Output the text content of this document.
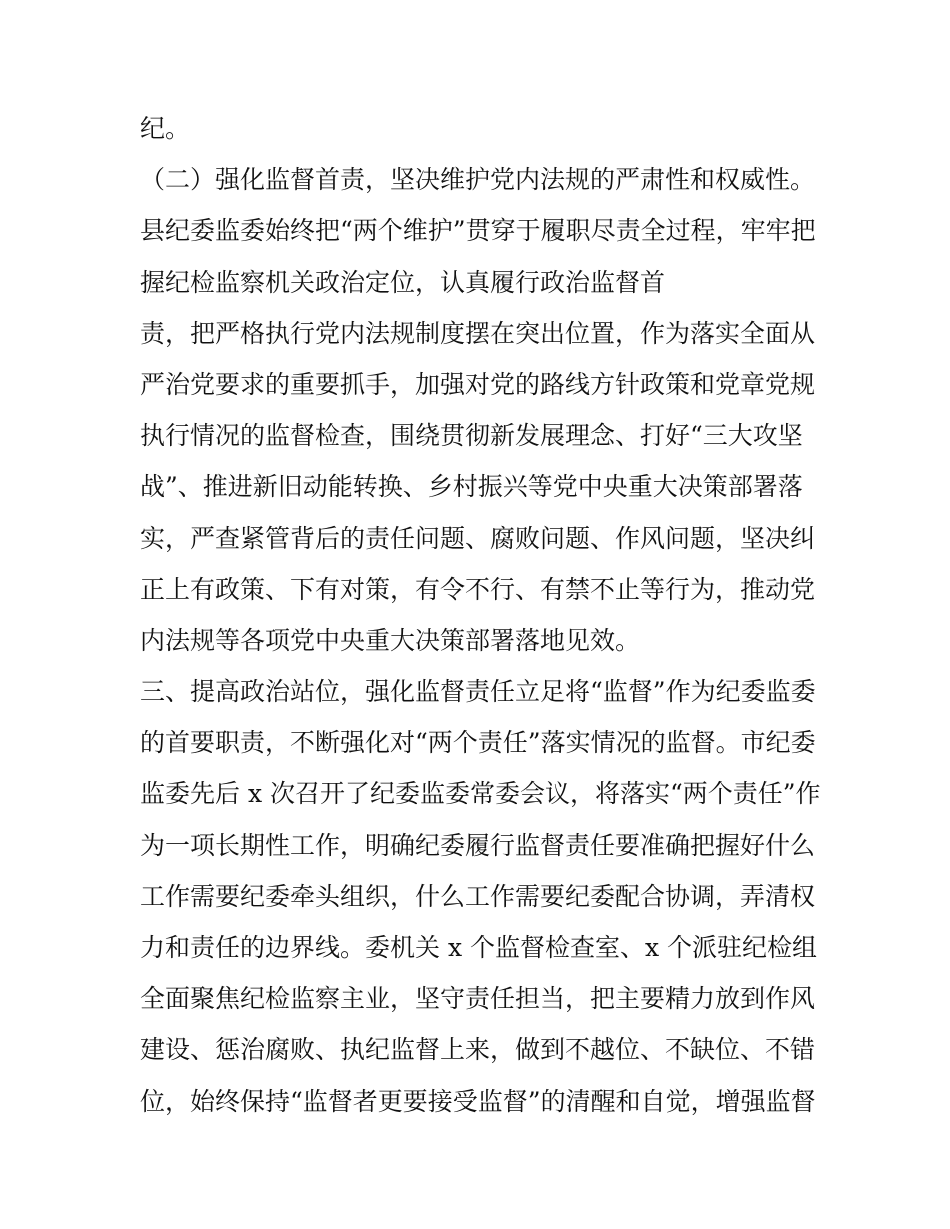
纪。
（二）强化监督首责，坚决维护党内法规的严肃性和权威性。
县纪委监委始终把“两个维护”贯穿于履职尽责全过程，牢牢把
握纪检监察机关政治定位，认真履行政治监督首
责，把严格执行党内法规制度摆在突出位置，作为落实全面从
严治党要求的重要抓手，加强对党的路线方针政策和党章党规
执行情况的监督检查，围绕贯彻新发展理念、打好“三大攻坚
战”、推进新旧动能转换、乡村振兴等党中央重大决策部署落
实，严查紧管背后的责任问题、腐败问题、作风问题，坚决纠
正上有政策、下有对策，有令不行、有禁不止等行为，推动党
内法规等各项党中央重大决策部署落地见效。
三、提高政治站位，强化监督责任立足将“监督”作为纪委监委
的首要职责，不断强化对“两个责任”落实情况的监督。市纪委
监委先后 x 次召开了纪委监委常委会议，将落实“两个责任”作
为一项长期性工作，明确纪委履行监督责任要准确把握好什么
工作需要纪委牵头组织，什么工作需要纪委配合协调，弄清权
力和责任的边界线。委机关 x 个监督检查室、x 个派驻纪检组
全面聚焦纪检监察主业，坚守责任担当，把主要精力放到作风
建设、惩治腐败、执纪监督上来，做到不越位、不缺位、不错
位，始终保持“监督者更要接受监督”的清醒和自觉，增强监督
